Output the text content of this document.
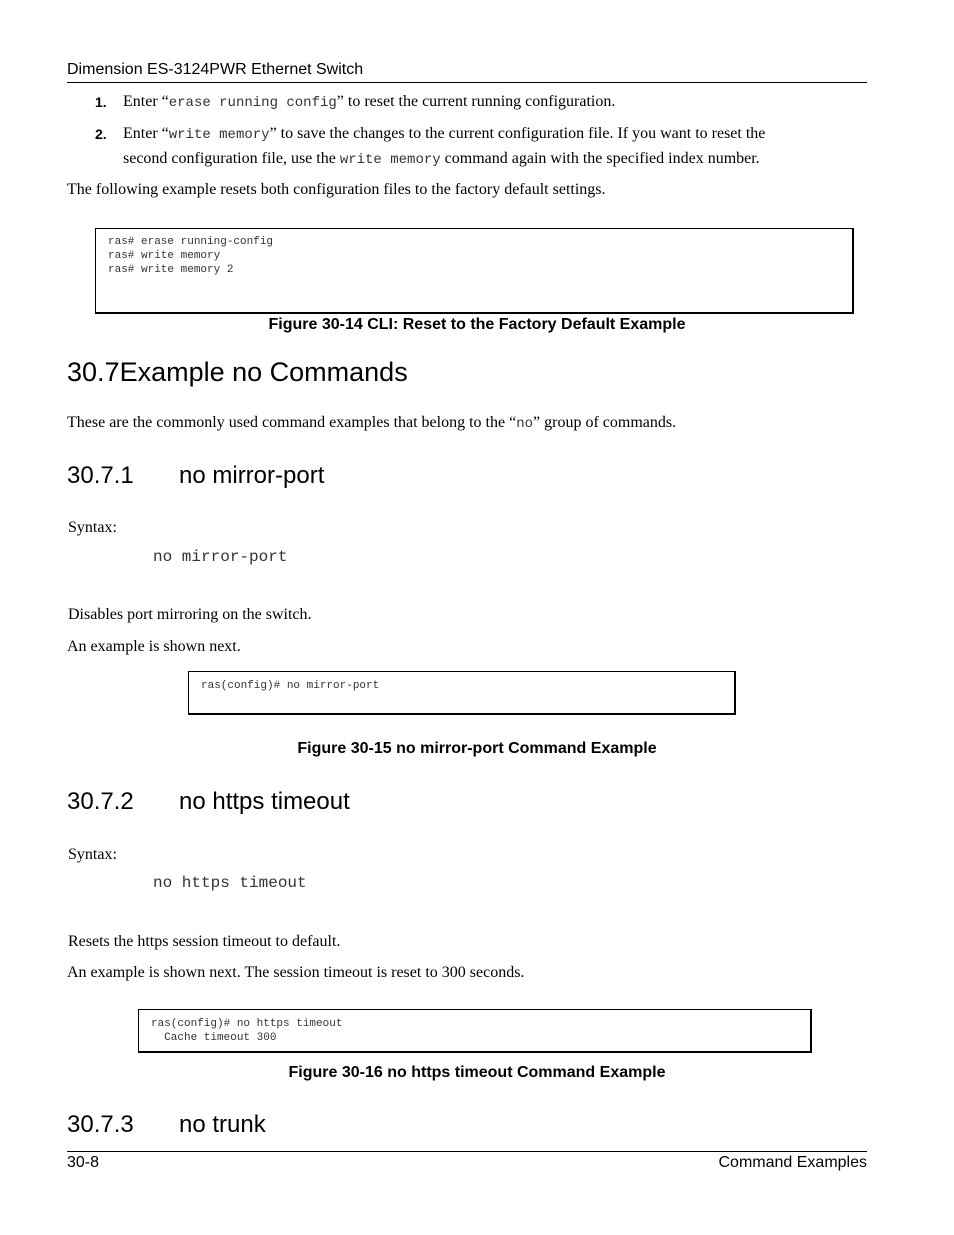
Dimension ES-3124PWR Ethernet Switch
1. Enter “erase running config” to reset the current running configuration.
2. Enter “write memory” to save the changes to the current configuration file. If you want to reset the
second configuration file, use the write memory command again with the specified index number.
The following example resets both configuration files to the factory default settings.
ras# erase running-config
ras# write memory
ras# write memory 2
Figure 30-14 CLI: Reset to the Factory Default Example
30.7Example no Commands
These are the commonly used command examples that belong to the “no” group of commands.
30.7.1 no mirror-port
Syntax:
no mirror-port
Disables port mirroring on the switch.
An example is shown next.
ras(config)# no mirror-port
Figure 30-15 no mirror-port Command Example
30.7.2 no https timeout
Syntax:
no https timeout
Resets the https session timeout to default.
An example is shown next. The session timeout is reset to 300 seconds.
ras(config)# no https timeout
Cache timeout 300
Figure 30-16 no https timeout Command Example
30.7.3 no trunk
30-8	Command Examples
